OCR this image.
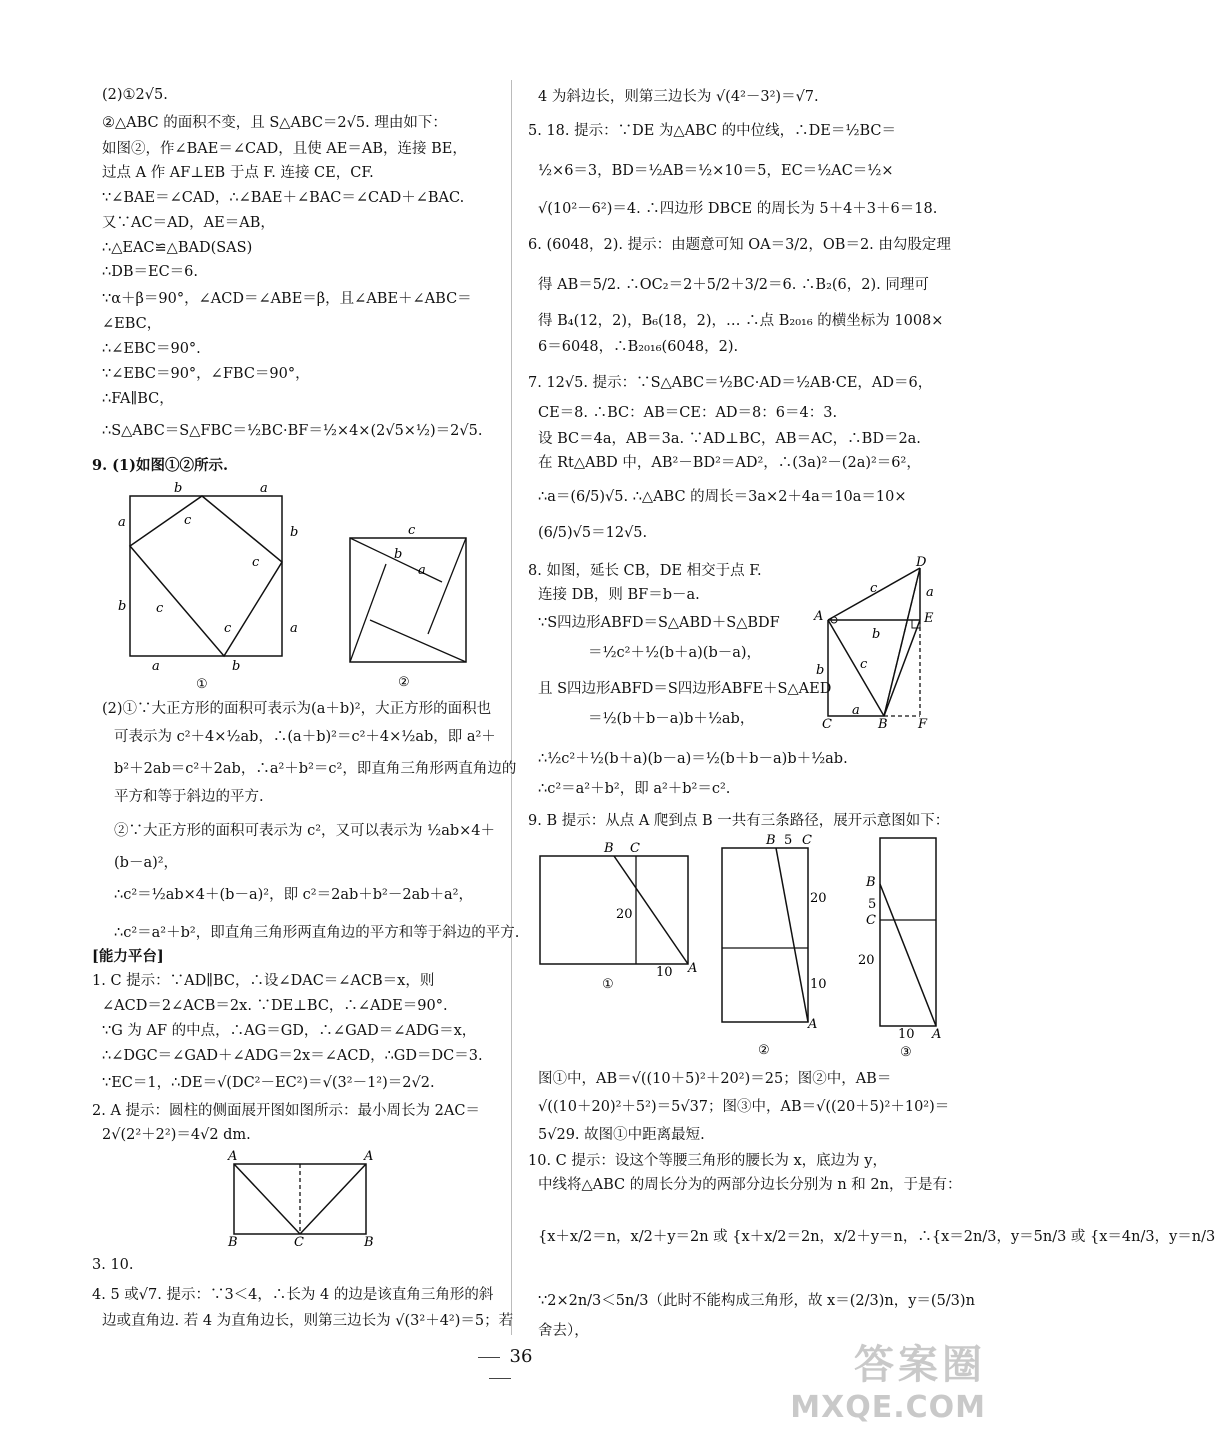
(2)①2√5.
②△ABC 的面积不变，且 S△ABC＝2√5. 理由如下：
如图②，作∠BAE＝∠CAD，且使 AE＝AB，连接 BE，
过点 A 作 AF⊥EB 于点 F. 连接 CE，CF.
∵∠BAE＝∠CAD，∴∠BAE＋∠BAC＝∠CAD＋∠BAC.
又∵AC＝AD，AE＝AB，
∴△EAC≌△BAD(SAS)
∴DB＝EC＝6.
∵α＋β＝90°，∠ACD＝∠ABE＝β，且∠ABE＋∠ABC＝
∠EBC，
∴∠EBC＝90°.
∵∠EBC＝90°，∠FBC＝90°，
∴FA∥BC，
∴S△ABC＝S△FBC＝½BC·BF＝½×4×(2√5×½)＝2√5.
9. (1)如图①②所示.
b	a
a	c
b
c
c
b
c	a
a	b
①
c
b
a
②
(2)①∵大正方形的面积可表示为(a＋b)²，大正方形的面积也
可表示为 c²＋4×½ab，∴(a＋b)²＝c²＋4×½ab，即 a²＋
b²＋2ab＝c²＋2ab，∴a²＋b²＝c²，即直角三角形两直角边的
平方和等于斜边的平方.
②∵大正方形的面积可表示为 c²，又可以表示为 ½ab×4＋
(b－a)²，
∴c²＝½ab×4＋(b－a)²，即 c²＝2ab＋b²－2ab＋a²，
∴c²＝a²＋b²，即直角三角形两直角边的平方和等于斜边的平方.
[能力平台]
1. C 提示：∵AD∥BC，∴设∠DAC＝∠ACB＝x，则
∠ACD＝2∠ACB＝2x. ∵DE⊥BC，∴∠ADE＝90°.
∵G 为 AF 的中点，∴AG＝GD，∴∠GAD＝∠ADG＝x，
∴∠DGC＝∠GAD＋∠ADG＝2x＝∠ACD，∴GD＝DC＝3.
∵EC＝1，∴DE＝√(DC²－EC²)＝√(3²－1²)＝2√2.
2. A 提示：圆柱的侧面展开图如图所示：最小周长为 2AC＝
2√(2²＋2²)＝4√2 dm.
A	A
B	C	B
3. 10.
4. 5 或√7. 提示：∵3＜4，∴长为 4 的边是该直角三角形的斜
边或直角边. 若 4 为直角边长，则第三边长为 √(3²＋4²)＝5；若
4 为斜边长，则第三边长为 √(4²－3²)＝√7.
5. 18. 提示：∵DE 为△ABC 的中位线，∴DE＝½BC＝
½×6＝3，BD＝½AB＝½×10＝5，EC＝½AC＝½×
√(10²－6²)＝4. ∴四边形 DBCE 的周长为 5＋4＋3＋6＝18.
6. (6048，2). 提示：由题意可知 OA＝3/2，OB＝2. 由勾股定理
得 AB＝5/2. ∴OC₂＝2＋5/2＋3/2＝6. ∴B₂(6，2). 同理可
得 B₄(12，2)，B₆(18，2)，… ∴点 B₂₀₁₆ 的横坐标为 1008×
6＝6048，∴B₂₀₁₆(6048，2).
7. 12√5. 提示：∵S△ABC＝½BC·AD＝½AB·CE，AD＝6，
CE＝8. ∴BC：AB＝CE：AD＝8：6＝4：3.
设 BC＝4a，AB＝3a. ∵AD⊥BC，AB＝AC，∴BD＝2a.
在 Rt△ABD 中，AB²－BD²＝AD²，∴(3a)²－(2a)²＝6²，
∴a＝(6/5)√5. ∴△ABC 的周长＝3a×2＋4a＝10a＝10×
(6/5)√5＝12√5.
8. 如图，延长 CB，DE 相交于点 F.
连接 DB，则 BF＝b－a.
∵S四边形ABFD＝S△ABD＋S△BDF
＝½c²＋½(b＋a)(b－a)，
且 S四边形ABFD＝S四边形ABFE＋S△AED
＝½(b＋b－a)b＋½ab，
∴½c²＋½(b＋a)(b－a)＝½(b＋b－a)b＋½ab.
∴c²＝a²＋b²，即 a²＋b²＝c².
D
c	a
A	E
b
c
b
C
a
B F
9. B 提示：从点 A 爬到点 B 一共有三条路径，展开示意图如下：
B C
20
10 A
①
B 5 C
20
10
A
②
B
5
C
20
10 A
③
图①中，AB＝√((10＋5)²＋20²)＝25；图②中，AB＝
√((10＋20)²＋5²)＝5√37；图③中，AB＝√((20＋5)²＋10²)＝
5√29. 故图①中距离最短.
10. C 提示：设这个等腰三角形的腰长为 x，底边为 y，
中线将△ABC 的周长分为的两部分边长分别为 n 和 2n，于是有：
{x＋x/2＝n，x/2＋y＝2n 或 {x＋x/2＝2n，x/2＋y＝n，∴{x＝2n/3，y＝5n/3 或 {x＝4n/3，y＝n/3
∵2×2n/3＜5n/3（此时不能构成三角形，故 x＝(2/3)n，y＝(5/3)n
舍去），
36	答案圈
MXQE.COM
